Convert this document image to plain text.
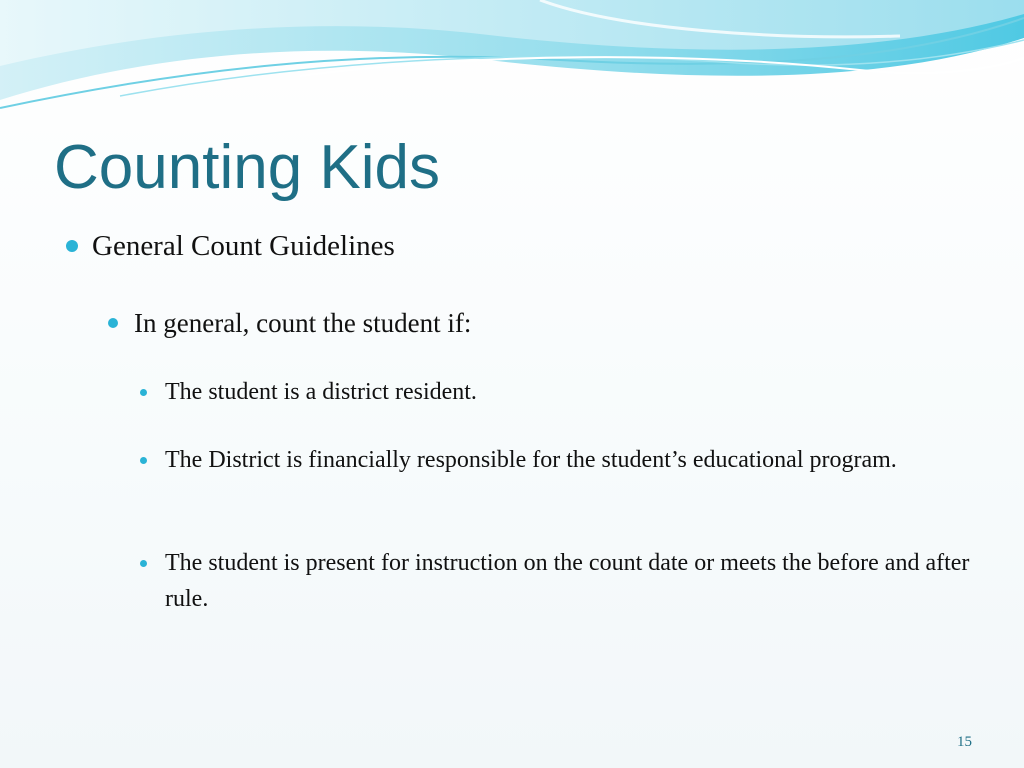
Counting Kids
General Count Guidelines
In general, count the student if:
The student is a district resident.
The District is financially responsible for the student’s educational program.
The student is present for instruction on the count date or meets the before and after rule.
15
